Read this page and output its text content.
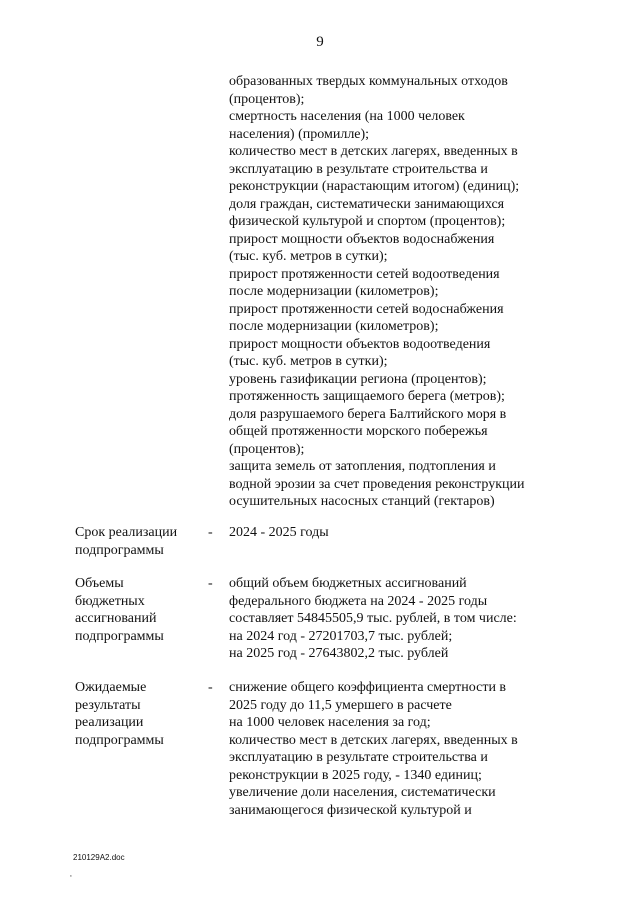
9
образованных твердых коммунальных отходов
(процентов);
смертность населения (на 1000 человек
населения) (промилле);
количество мест в детских лагерях, введенных в
эксплуатацию в результате строительства и
реконструкции (нарастающим итогом) (единиц);
доля граждан, систематически занимающихся
физической культурой и спортом (процентов);
прирост мощности объектов водоснабжения
(тыс. куб. метров в сутки);
прирост протяженности сетей водоотведения
после модернизации (километров);
прирост протяженности сетей водоснабжения
после модернизации (километров);
прирост мощности объектов водоотведения
(тыс. куб. метров в сутки);
уровень газификации региона (процентов);
протяженность защищаемого берега (метров);
доля разрушаемого берега Балтийского моря в
общей протяженности морского побережья
(процентов);
защита земель от затопления, подтопления и
водной эрозии за счет проведения реконструкции
осушительных насосных станций (гектаров)
Срок реализации
подпрограммы
- 2024 - 2025 годы
Объемы
бюджетных
ассигнований
подпрограммы
- общий объем бюджетных ассигнований
федерального бюджета на 2024 - 2025 годы
составляет 54845505,9 тыс. рублей, в том числе:
на 2024 год - 27201703,7 тыс. рублей;
на 2025 год - 27643802,2 тыс. рублей
Ожидаемые
результаты
реализации
подпрограммы
- снижение общего коэффициента смертности в
2025 году до 11,5 умершего в расчете
на 1000 человек населения за год;
количество мест в детских лагерях, введенных в
эксплуатацию в результате строительства и
реконструкции в 2025 году, - 1340 единиц;
увеличение доли населения, систематически
занимающегося физической культурой и
210129A2.doc
‚
